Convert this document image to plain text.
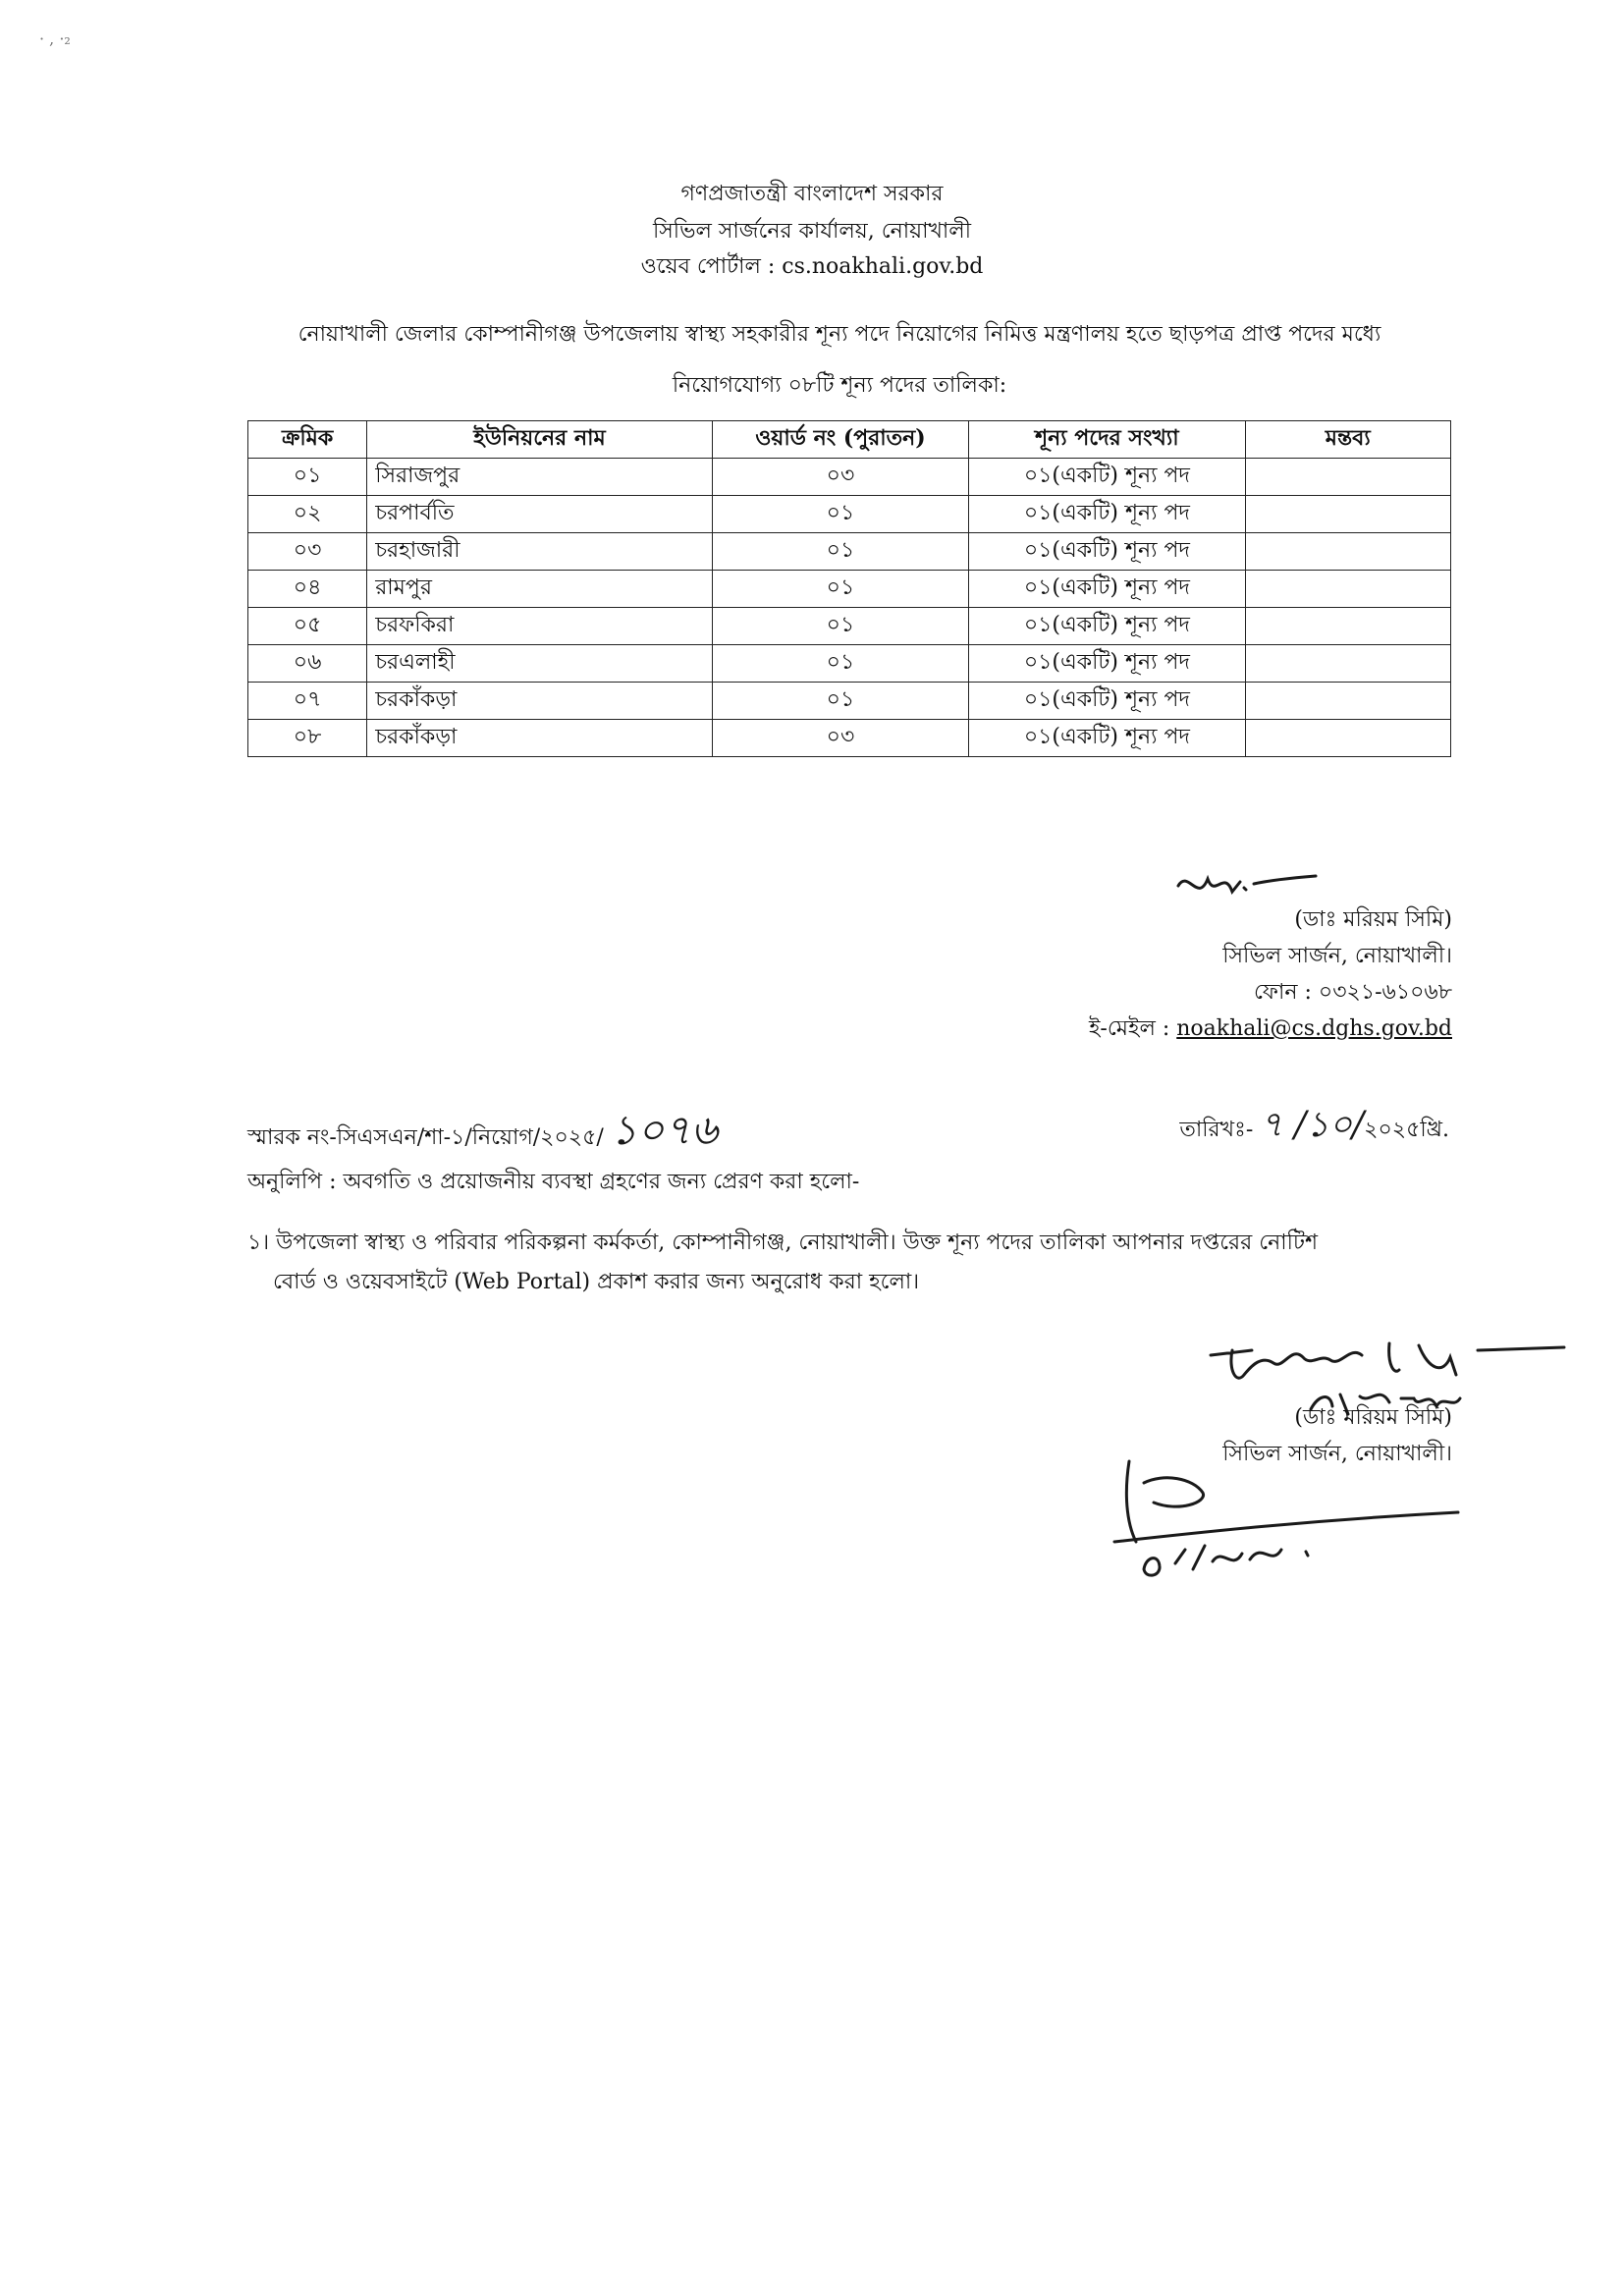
· , ·₂
গণপ্রজাতন্ত্রী বাংলাদেশ সরকার
সিভিল সার্জনের কার্যালয়, নোয়াখালী
ওয়েব পোর্টাল : cs.noakhali.gov.bd
নোয়াখালী জেলার কোম্পানীগঞ্জ উপজেলায় স্বাস্থ্য সহকারীর শূন্য পদে নিয়োগের নিমিত্ত মন্ত্রণালয় হতে ছাড়পত্র প্রাপ্ত পদের মধ্যে
নিয়োগযোগ্য ০৮টি শূন্য পদের তালিকা:
ক্রমিক	ইউনিয়নের নাম	ওয়ার্ড নং (পুরাতন)	শূন্য পদের সংখ্যা	মন্তব্য
০১	সিরাজপুর	০৩	০১(একটি) শূন্য পদ	
০২	চরপার্বতি	০১	০১(একটি) শূন্য পদ	
০৩	চরহাজারী	০১	০১(একটি) শূন্য পদ	
০৪	রামপুর	০১	০১(একটি) শূন্য পদ	
০৫	চরফকিরা	০১	০১(একটি) শূন্য পদ	
০৬	চরএলাহী	০১	০১(একটি) শূন্য পদ	
০৭	চরকাঁকড়া	০১	০১(একটি) শূন্য পদ	
০৮	চরকাঁকড়া	০৩	০১(একটি) শূন্য পদ	
(ডাঃ মরিয়ম সিমি)
সিভিল সার্জন, নোয়াখালী।
ফোন : ০৩২১-৬১০৬৮
ই-মেইল : noakhali@cs.dghs.gov.bd
স্মারক নং-সিএসএন/শা-১/নিয়োগ/২০২৫/ ১০৭৬	তারিখঃ- ৭ /১০/২০২৫খ্রি.
অনুলিপি : অবগতি ও প্রয়োজনীয় ব্যবস্থা গ্রহণের জন্য প্রেরণ করা হলো-
১। উপজেলা স্বাস্থ্য ও পরিবার পরিকল্পনা কর্মকর্তা, কোম্পানীগঞ্জ, নোয়াখালী। উক্ত শূন্য পদের তালিকা আপনার দপ্তরের নোটিশ
বোর্ড ও ওয়েবসাইটে (Web Portal) প্রকাশ করার জন্য অনুরোধ করা হলো।
(ডাঃ মরিয়ম সিমি)
সিভিল সার্জন, নোয়াখালী।
